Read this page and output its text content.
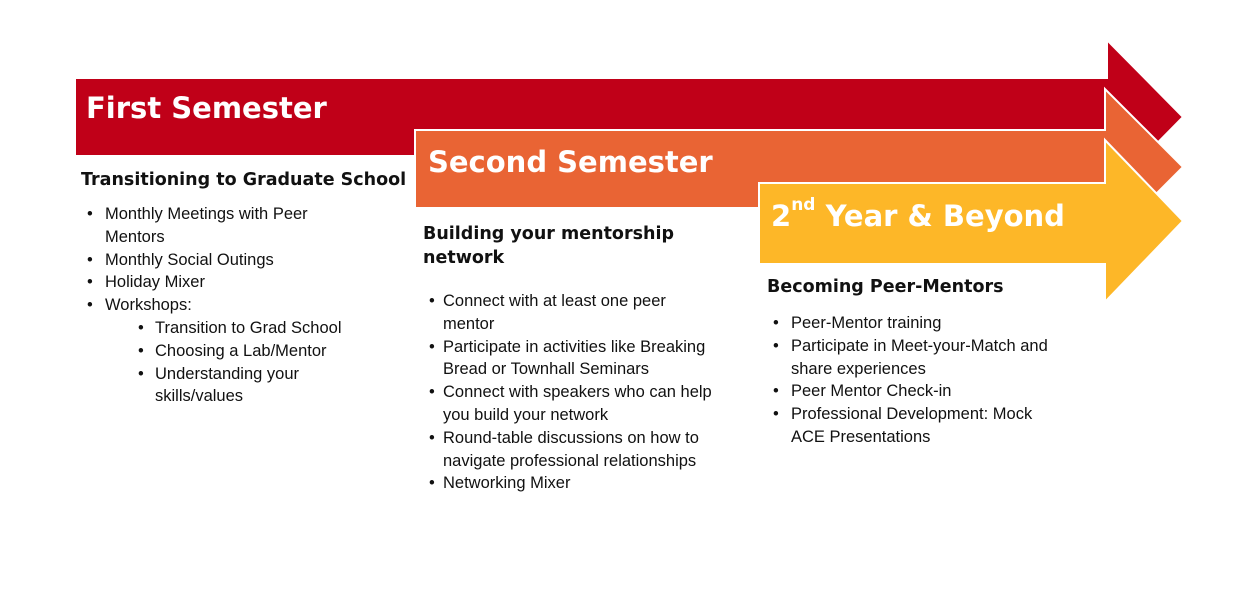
First Semester
Second Semester
2nd Year & Beyond
Transitioning to Graduate School
• Monthly Meetings with Peer Mentors
• Monthly Social Outings
• Holiday Mixer
• Workshops:
• Transition to Grad School
• Choosing a Lab/Mentor
• Understanding your skills/values
Building your mentorship network
• Connect with at least one peer mentor
• Participate in activities like Breaking Bread or Townhall Seminars
• Connect with speakers who can help you build your network
• Round-table discussions on how to navigate professional relationships
• Networking Mixer
Becoming Peer-Mentors
• Peer-Mentor training
• Participate in Meet-your-Match and share experiences
• Peer Mentor Check-in
• Professional Development: Mock ACE Presentations
